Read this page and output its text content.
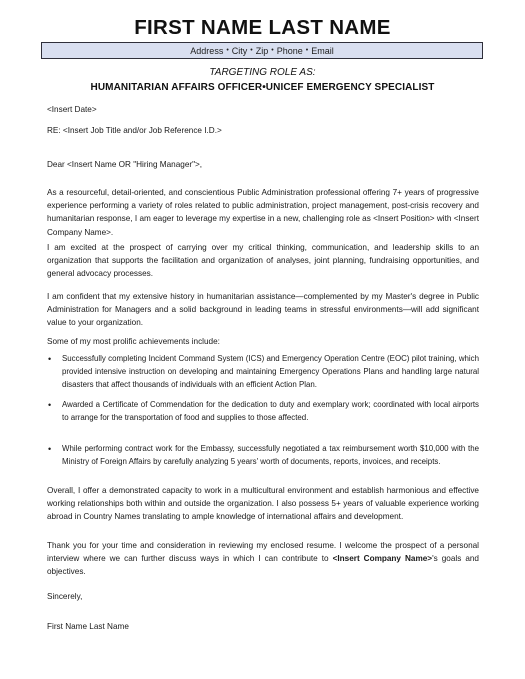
FIRST NAME LAST NAME
Address • City • Zip • Phone • Email
TARGETING ROLE AS:
HUMANITARIAN AFFAIRS OFFICER•UNICEF EMERGENCY SPECIALIST
<Insert Date>
RE: <Insert Job Title and/or Job Reference I.D.>
Dear <Insert Name OR "Hiring Manager">,
As a resourceful, detail-oriented, and conscientious Public Administration professional offering 7+ years of progressive experience performing a variety of roles related to public administration, project management, post-crisis recovery and humanitarian response, I am eager to leverage my expertise in a new, challenging role as <Insert Position> with <Insert Company Name>.
I am excited at the prospect of carrying over my critical thinking, communication, and leadership skills to an organization that supports the facilitation and organization of analyses, joint planning, fundraising opportunities, and general advocacy processes.
I am confident that my extensive history in humanitarian assistance—complemented by my Master's degree in Public Administration for Managers and a solid background in leading teams in stressful environments—will add significant value to your organization.
Some of my most prolific achievements include:
• Successfully completing Incident Command System (ICS) and Emergency Operation Centre (EOC) pilot training, which provided intensive instruction on developing and maintaining Emergency Operations Plans and handling large natural disasters that affect thousands of individuals with an efficient Action Plan.
• Awarded a Certificate of Commendation for the dedication to duty and exemplary work; coordinated with local airports to arrange for the transportation of food and supplies to those affected.
• While performing contract work for the Embassy, successfully negotiated a tax reimbursement worth $10,000 with the Ministry of Foreign Affairs by carefully analyzing 5 years' worth of documents, reports, invoices, and receipts.
Overall, I offer a demonstrated capacity to work in a multicultural environment and establish harmonious and effective working relationships both within and outside the organization. I also possess 5+ years of valuable experience working abroad in Country Names translating to ample knowledge of international affairs and development.
Thank you for your time and consideration in reviewing my enclosed resume. I welcome the prospect of a personal interview where we can further discuss ways in which I can contribute to <Insert Company Name>'s goals and objectives.
Sincerely,
First Name Last Name
